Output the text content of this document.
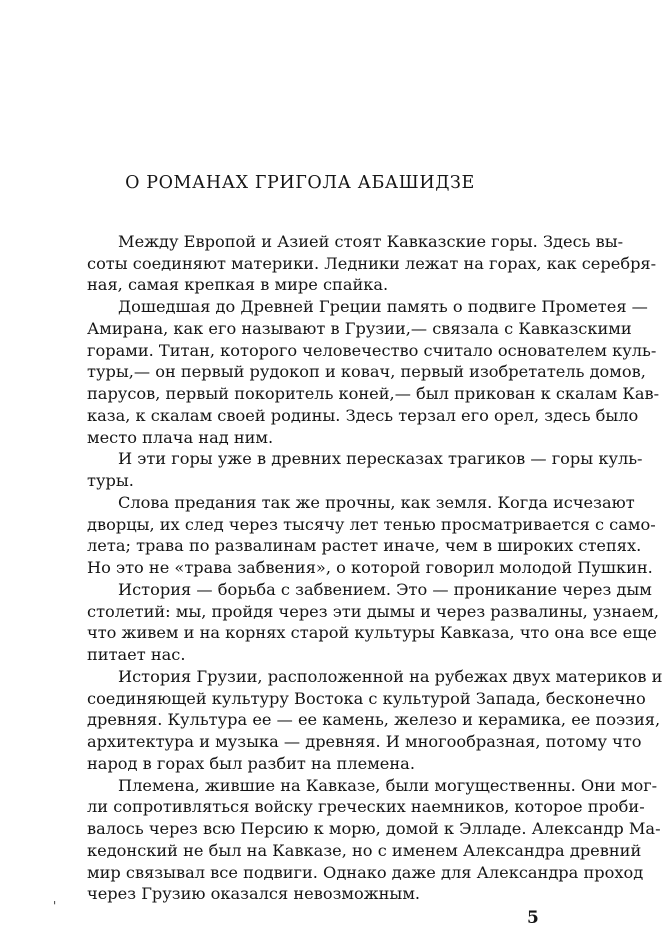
О РОМАНАХ ГРИГОЛА АБАШИДЗЕ
Между Европой и Азией стоят Кавказские горы. Здесь вы-
соты соединяют материки. Ледники лежат на горах, как серебря-
ная, самая крепкая в мире спайка.
Дошедшая до Древней Греции память о подвиге Прометея —
Амирана, как его называют в Грузии,— связала с Кавказскими
горами. Титан, которого человечество считало основателем куль-
туры,— он первый рудокоп и ковач, первый изобретатель домов,
парусов, первый покоритель коней,— был прикован к скалам Кав-
каза, к скалам своей родины. Здесь терзал его орел, здесь было
место плача над ним.
И эти горы уже в древних пересказах трагиков — горы куль-
туры.
Слова предания так же прочны, как земля. Когда исчезают
дворцы, их след через тысячу лет тенью просматривается с само-
лета; трава по развалинам растет иначе, чем в широких степях.
Но это не «трава забвения», о которой говорил молодой Пушкин.
История — борьба с забвением. Это — проникание через дым
столетий: мы, пройдя через эти дымы и через развалины, узнаем,
что живем и на корнях старой культуры Кавказа, что она все еще
питает нас.
История Грузии, расположенной на рубежах двух материков и
соединяющей культуру Востока с культурой Запада, бесконечно
древняя. Культура ее — ее камень, железо и керамика, ее поэзия,
архитектура и музыка — древняя. И многообразная, потому что
народ в горах был разбит на племена.
Племена, жившие на Кавказе, были могущественны. Они мог-
ли сопротивляться войску греческих наемников, которое проби-
валось через всю Персию к морю, домой к Элладе. Александр Ма-
кедонский не был на Кавказе, но с именем Александра древний
мир связывал все подвиги. Однако даже для Александра проход
через Грузию оказался невозможным.
'
5
